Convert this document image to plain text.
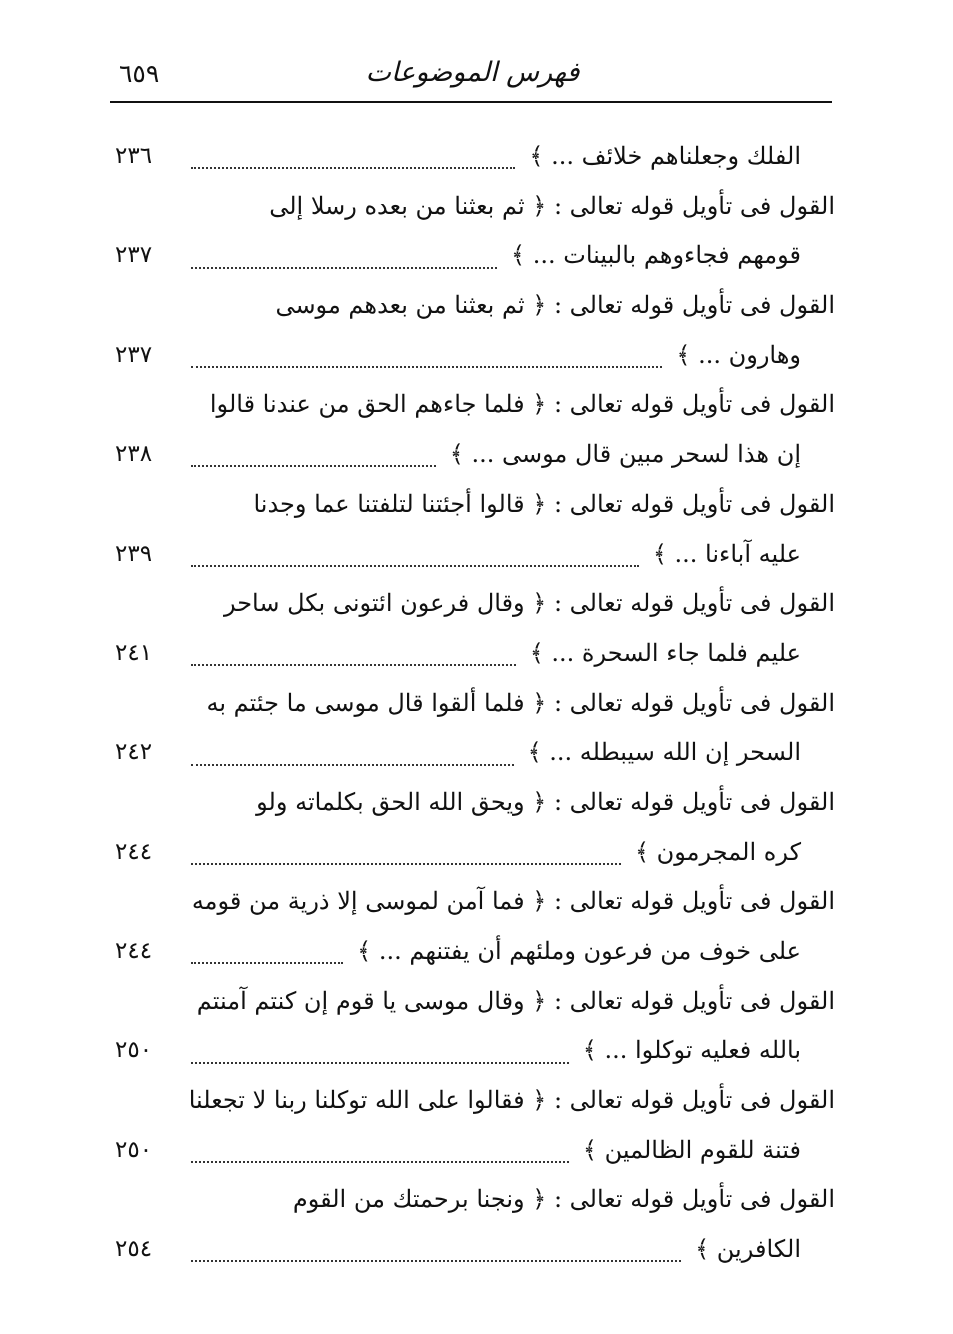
فهرس الموضوعات
٦٥٩
الفلك وجعلناهم خلائف ... ﴾
٢٣٦
القول فى تأويل قوله تعالى : ﴿ ثم بعثنا من بعده رسلا إلى
قومهم فجاءوهم بالبينات ... ﴾
٢٣٧
القول فى تأويل قوله تعالى : ﴿ ثم بعثنا من بعدهم موسى
وهارون ... ﴾
٢٣٧
القول فى تأويل قوله تعالى : ﴿ فلما جاءهم الحق من عندنا قالوا
إن هذا لسحر مبين قال موسى ... ﴾
٢٣٨
القول فى تأويل قوله تعالى : ﴿ قالوا أجئتنا لتلفتنا عما وجدنا
عليه آباءنا ... ﴾
٢٣٩
القول فى تأويل قوله تعالى : ﴿ وقال فرعون ائتونى بكل ساحر
عليم فلما جاء السحرة ... ﴾
٢٤١
القول فى تأويل قوله تعالى : ﴿ فلما ألقوا قال موسى ما جئتم به
السحر إن الله سيبطله ... ﴾
٢٤٢
القول فى تأويل قوله تعالى : ﴿ ويحق الله الحق بكلماته ولو
كره المجرمون ﴾
٢٤٤
القول فى تأويل قوله تعالى : ﴿ فما آمن لموسى إلا ذرية من قومه
على خوف من فرعون وملئهم أن يفتنهم ... ﴾
٢٤٤
القول فى تأويل قوله تعالى : ﴿ وقال موسى يا قوم إن كنتم آمنتم
بالله فعليه توكلوا ... ﴾
٢٥٠
القول فى تأويل قوله تعالى : ﴿ فقالوا على الله توكلنا ربنا لا تجعلنا
فتنة للقوم الظالمين ﴾
٢٥٠
القول فى تأويل قوله تعالى : ﴿ ونجنا برحمتك من القوم
الكافرين ﴾
٢٥٤
